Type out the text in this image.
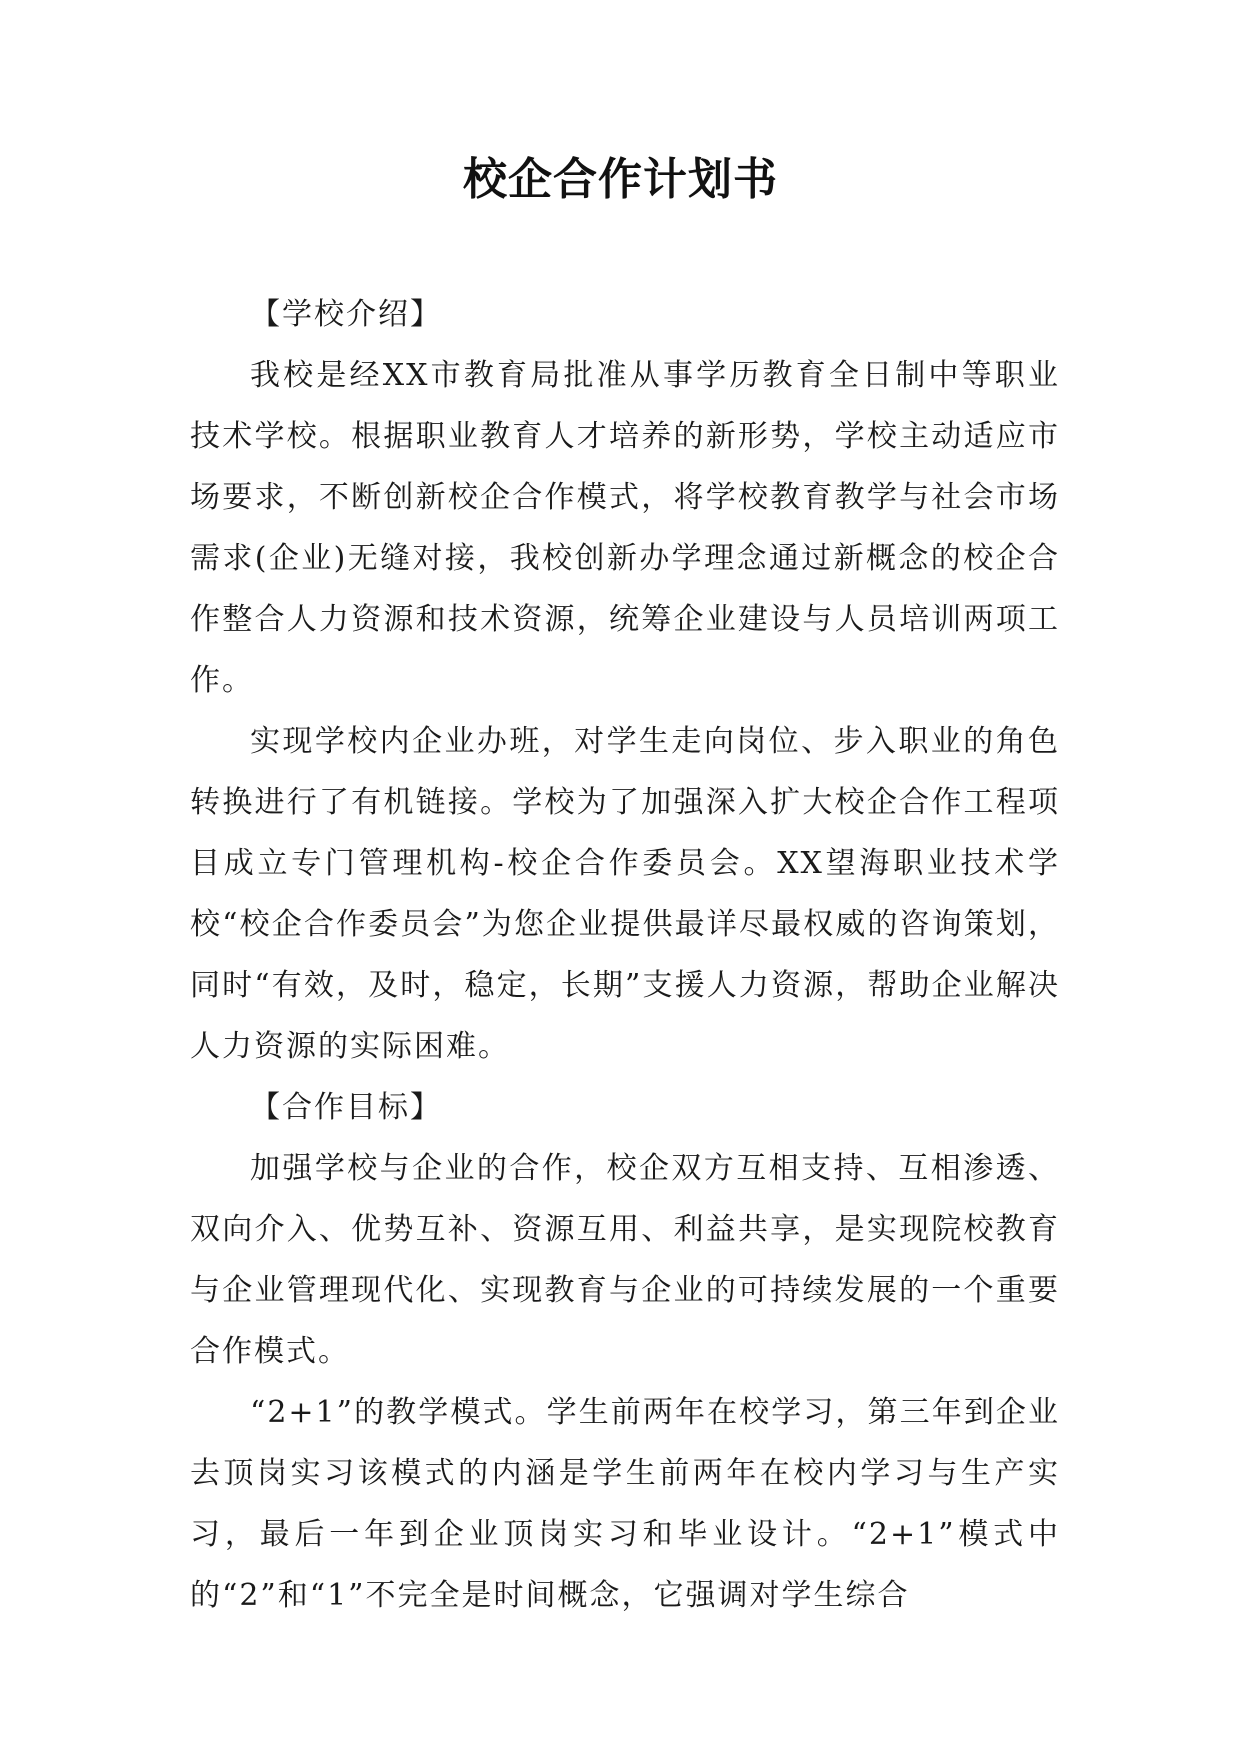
校企合作计划书

【学校介绍】

我校是经XX市教育局批准从事学历教育全日制中等职业技术学校。根据职业教育人才培养的新形势，学校主动适应市场要求，不断创新校企合作模式，将学校教育教学与社会市场需求(企业)无缝对接，我校创新办学理念通过新概念的校企合作整合人力资源和技术资源，统筹企业建设与人员培训两项工作。

实现学校内企业办班，对学生走向岗位、步入职业的角色转换进行了有机链接。学校为了加强深入扩大校企合作工程项目成立专门管理机构-校企合作委员会。XX望海职业技术学校“校企合作委员会”为您企业提供最详尽最权威的咨询策划，同时“有效，及时，稳定，长期”支援人力资源，帮助企业解决人力资源的实际困难。

【合作目标】

加强学校与企业的合作，校企双方互相支持、互相渗透、双向介入、优势互补、资源互用、利益共享，是实现院校教育与企业管理现代化、实现教育与企业的可持续发展的一个重要合作模式。

“2+1”的教学模式。学生前两年在校学习，第三年到企业去顶岗实习该模式的内涵是学生前两年在校内学习与生产实习，最后一年到企业顶岗实习和毕业设计。“2+1”模式中的“2”和“1”不完全是时间概念，它强调对学生综合
